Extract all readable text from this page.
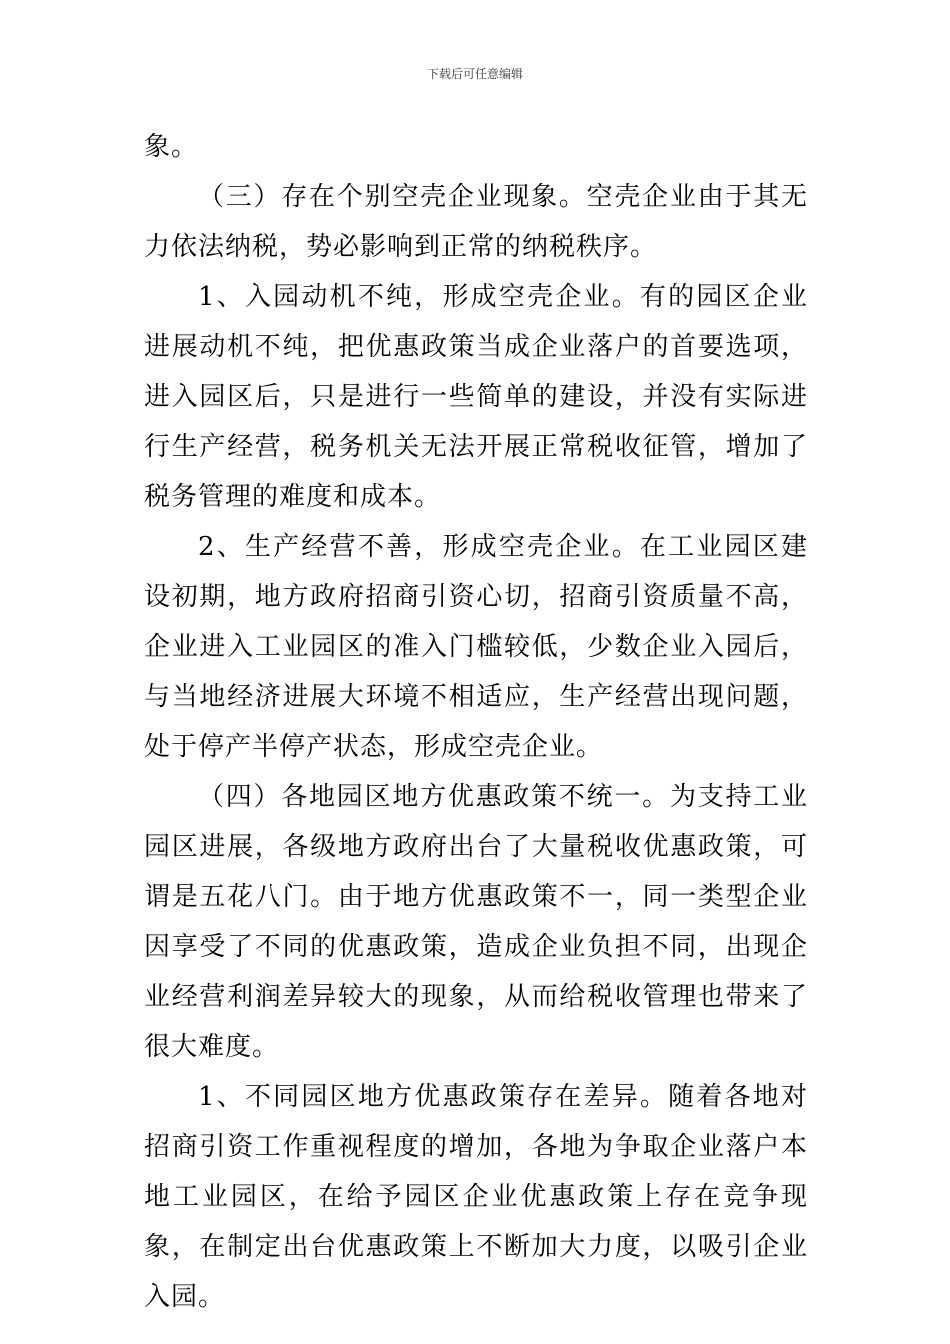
下载后可任意编辑

象。

（三）存在个别空壳企业现象。空壳企业由于其无力依法纳税，势必影响到正常的纳税秩序。

1、入园动机不纯，形成空壳企业。有的园区企业进展动机不纯，把优惠政策当成企业落户的首要选项，进入园区后，只是进行一些简单的建设，并没有实际进行生产经营，税务机关无法开展正常税收征管，增加了税务管理的难度和成本。

2、生产经营不善，形成空壳企业。在工业园区建设初期，地方政府招商引资心切，招商引资质量不高，企业进入工业园区的准入门槛较低，少数企业入园后，与当地经济进展大环境不相适应，生产经营出现问题，处于停产半停产状态，形成空壳企业。

（四）各地园区地方优惠政策不统一。为支持工业园区进展，各级地方政府出台了大量税收优惠政策，可谓是五花八门。由于地方优惠政策不一，同一类型企业因享受了不同的优惠政策，造成企业负担不同，出现企业经营利润差异较大的现象，从而给税收管理也带来了很大难度。

1、不同园区地方优惠政策存在差异。随着各地对招商引资工作重视程度的增加，各地为争取企业落户本地工业园区，在给予园区企业优惠政策上存在竞争现象，在制定出台优惠政策上不断加大力度，以吸引企业入园。
